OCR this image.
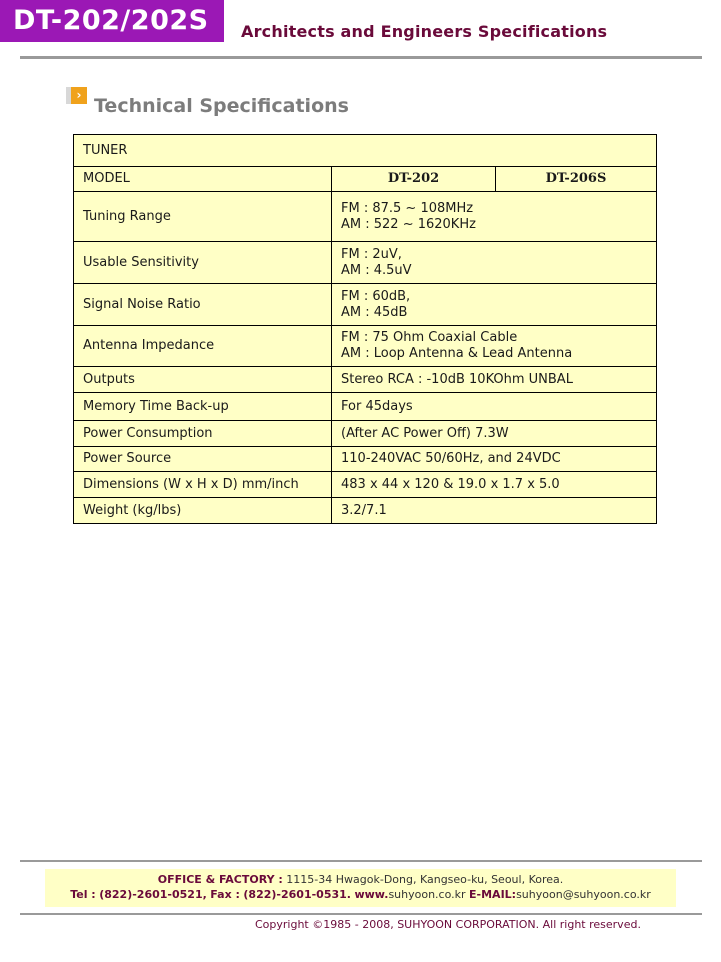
DT-202/202S	Architects and Engineers Specifications
› Technical Specifications
TUNER		
MODEL	DT-202	DT-206S
Tuning Range	FM : 87.5 ~ 108MHz
AM : 522 ~ 1620KHz	

Usable Sensitivity	FM : 2uV,
AM : 4.5uV	

Signal Noise Ratio	FM : 60dB,
AM : 45dB	

Antenna Impedance	FM : 75 Ohm Coaxial Cable
AM : Loop Antenna & Lead Antenna	

Outputs	Stereo RCA : -10dB 10KOhm UNBAL	
Memory Time Back-up	For 45days	
Power Consumption	(After AC Power Off) 7.3W	
Power Source	110-240VAC 50/60Hz, and 24VDC	
Dimensions (W x H x D) mm/inch	483 x 44 x 120 & 19.0 x 1.7 x 5.0	
Weight (kg/lbs)	3.2/7.1	
OFFICE & FACTORY : 1115-34 Hwagok-Dong, Kangseo-ku, Seoul, Korea.
Tel : (822)-2601-0521, Fax : (822)-2601-0531. www.suhyoon.co.kr E-MAIL:suhyoon@suhyoon.co.kr
Copyright ©1985 - 2008, SUHYOON CORPORATION. All right reserved.
